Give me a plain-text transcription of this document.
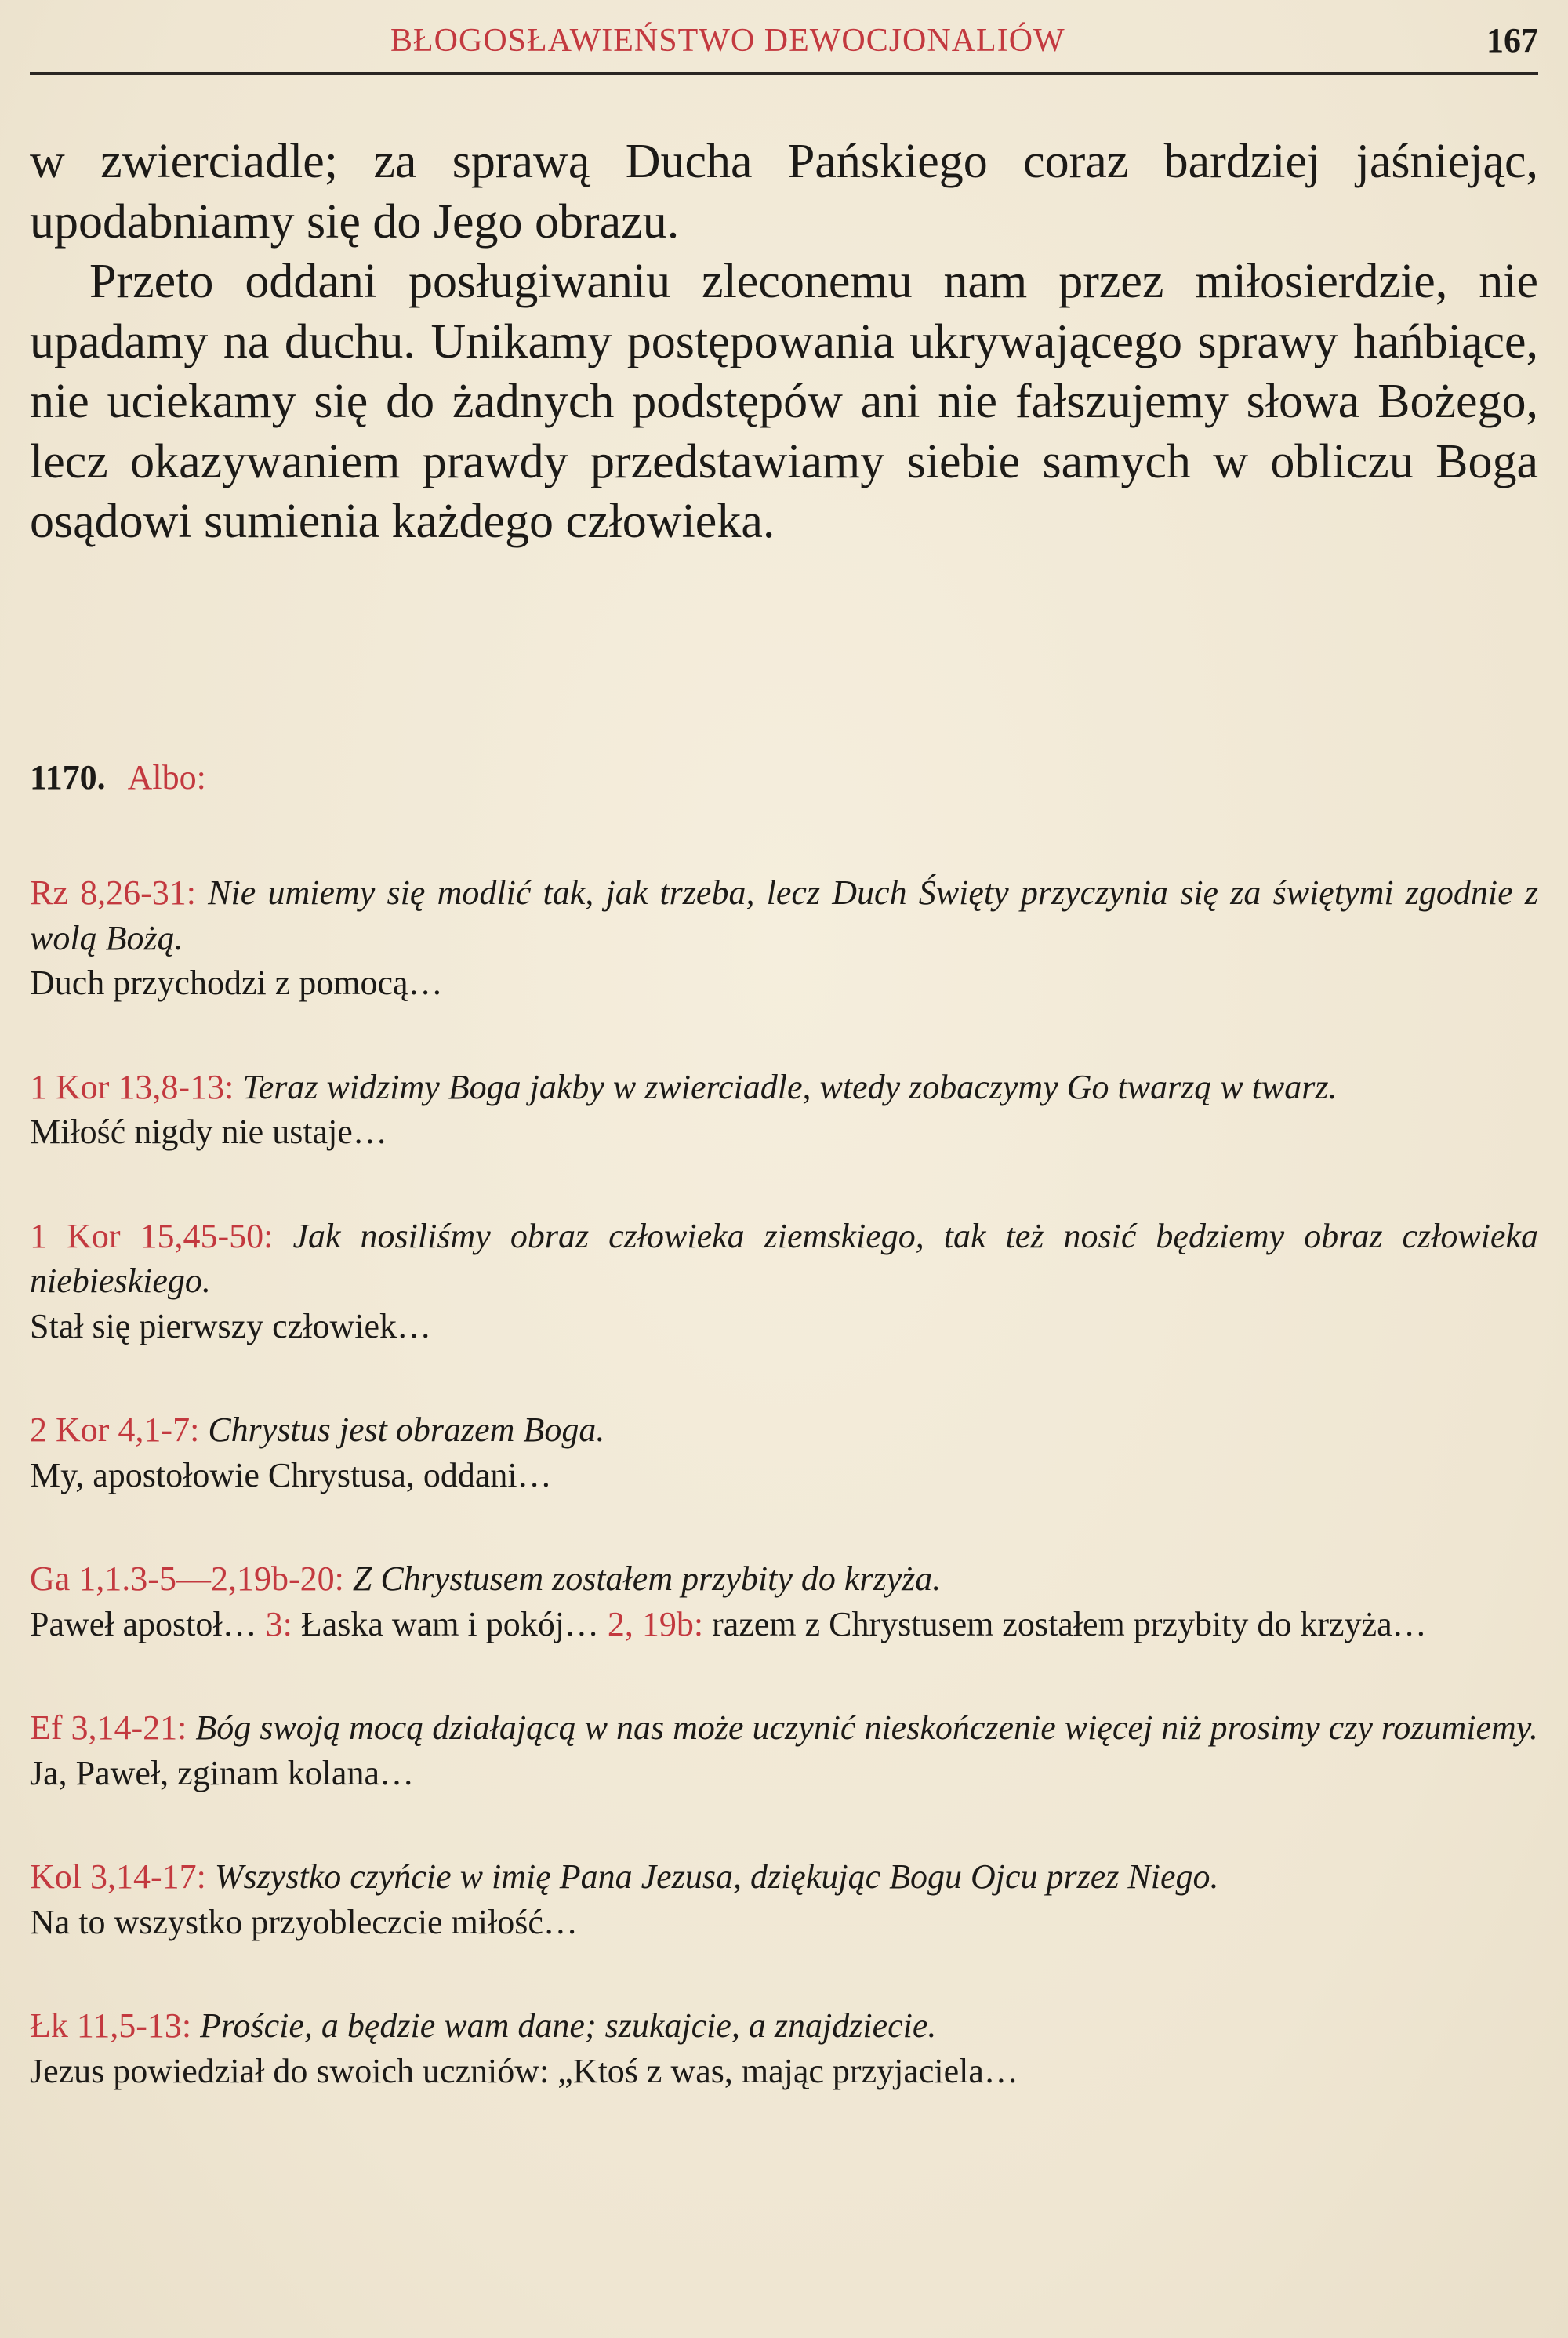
BŁOGOSŁAWIEŃSTWO DEWOCJONALIÓW	167

w zwierciadle; za sprawą Ducha Pańskiego coraz bardziej jaśniejąc, upodabniamy się do Jego obrazu.

Przeto oddani posługiwaniu zleconemu nam przez miłosierdzie, nie upadamy na duchu. Unikamy postępowania ukrywającego sprawy hańbiące, nie uciekamy się do żadnych podstępów ani nie fałszujemy słowa Bożego, lecz okazywaniem prawdy przedstawiamy siebie samych w obliczu Boga osądowi sumienia każdego człowieka.

1170. Albo:
Rz 8,26-31: Nie umiemy się modlić tak, jak trzeba, lecz Duch Święty przyczynia się za świętymi zgodnie z wolą Bożą.
Duch przychodzi z pomocą…
1 Kor 13,8-13: Teraz widzimy Boga jakby w zwierciadle, wtedy zobaczymy Go twarzą w twarz.
Miłość nigdy nie ustaje…
1 Kor 15,45-50: Jak nosiliśmy obraz człowieka ziemskiego, tak też nosić będziemy obraz człowieka niebieskiego.
Stał się pierwszy człowiek…
2 Kor 4,1-7: Chrystus jest obrazem Boga.
My, apostołowie Chrystusa, oddani…
Ga 1,1.3-5—2,19b-20: Z Chrystusem zostałem przybity do krzyża.
Paweł apostoł… 3: Łaska wam i pokój… 2, 19b: razem z Chrystusem zostałem przybity do krzyża…
Ef 3,14-21: Bóg swoją mocą działającą w nas może uczynić nieskończenie więcej niż prosimy czy rozumiemy.
Ja, Paweł, zginam kolana…
Kol 3,14-17: Wszystko czyńcie w imię Pana Jezusa, dziękując Bogu Ojcu przez Niego.
Na to wszystko przyobleczcie miłość…
Łk 11,5-13: Proście, a będzie wam dane; szukajcie, a znajdziecie.
Jezus powiedział do swoich uczniów: „Ktoś z was, mając przyjaciela…
